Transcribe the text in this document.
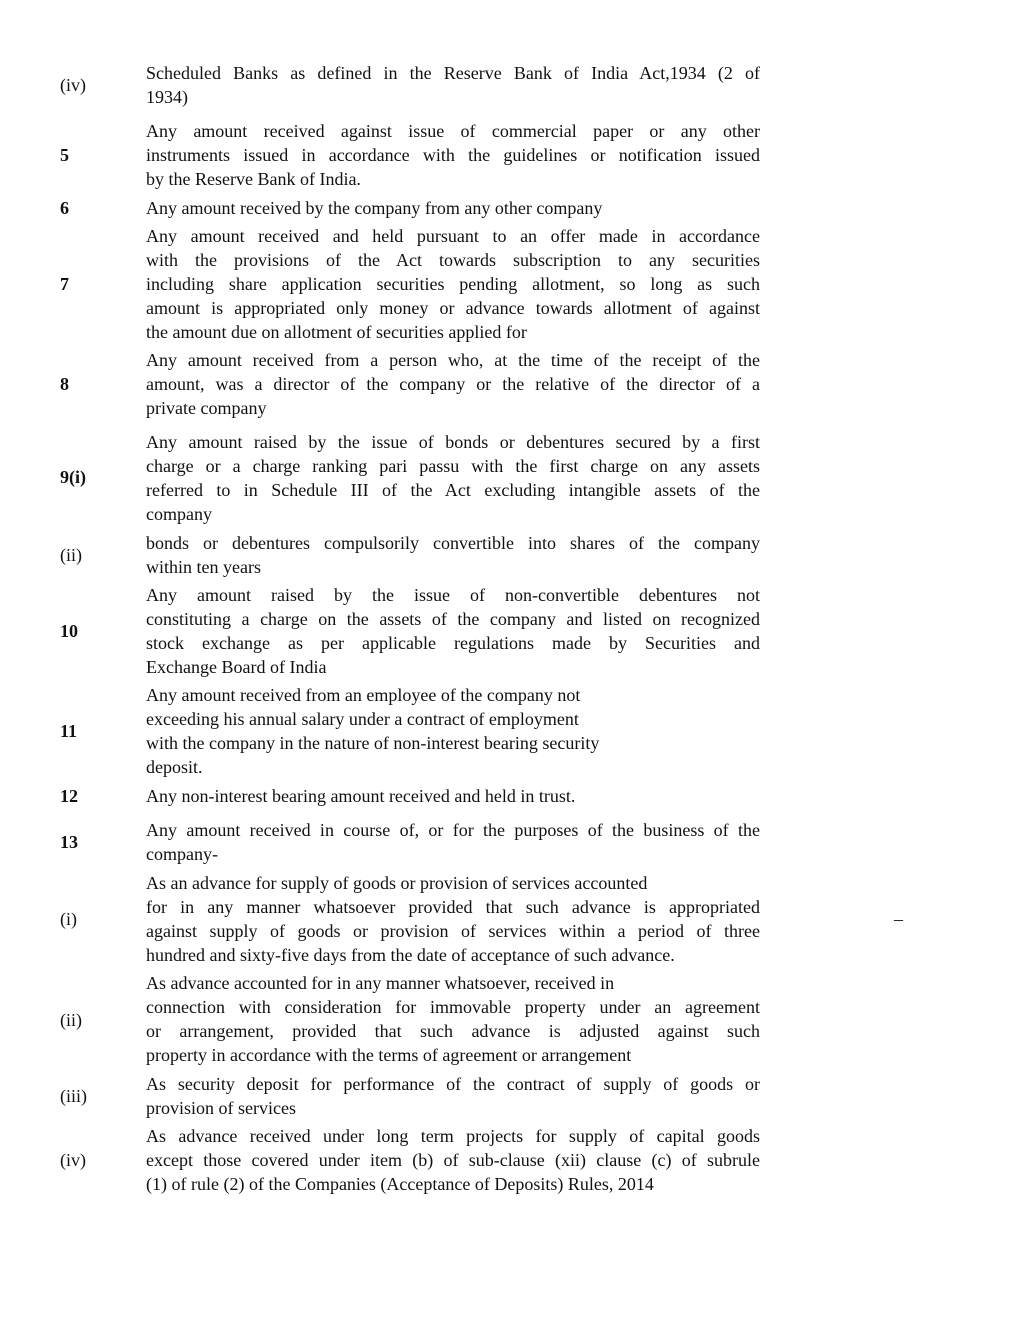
(iv)
Scheduled Banks as defined in the Reserve Bank of India Act,1934 (2 of
1934)
5
Any amount received against issue of commercial paper or any other
instruments issued in accordance with the guidelines or notification issued
by the Reserve Bank of India.
6	Any amount received by the company from any other company
7
Any amount received and held pursuant to an offer made in accordance
with the provisions of the Act towards subscription to any securities
including share application securities pending allotment, so long as such
amount is appropriated only money or advance towards allotment of against
the amount due on allotment of securities applied for
8
Any amount received from a person who, at the time of the receipt of the
amount, was a director of the company or the relative of the director of a
private company
9(i)
Any amount raised by the issue of bonds or debentures secured by a first
charge or a charge ranking pari passu with the first charge on any assets
referred to in Schedule III of the Act excluding intangible assets of the
company
(ii)
bonds or debentures compulsorily convertible into shares of the company
within ten years
10
Any amount raised by the issue of non-convertible debentures not
constituting a charge on the assets of the company and listed on recognized
stock exchange as per applicable regulations made by Securities and
Exchange Board of India
11
Any amount received from an employee of the company not
exceeding his annual salary under a contract of employment
with the company in the nature of non-interest bearing security
deposit.
12	Any non-interest bearing amount received and held in trust.
13
Any amount received in course of, or for the purposes of the business of the
company-
(i)
As an advance for supply of goods or provision of services accounted
for in any manner whatsoever provided that such advance is appropriated
against supply of goods or provision of services within a period of three
hundred and sixty-five days from the date of acceptance of such advance.
(ii)
As advance accounted for in any manner whatsoever, received in
connection with consideration for immovable property under an agreement
or arrangement, provided that such advance is adjusted against such
property in accordance with the terms of agreement or arrangement
(iii)
As security deposit for performance of the contract of supply of goods or
provision of services
(iv)
As advance received under long term projects for supply of capital goods
except those covered under item (b) of sub-clause (xii) clause (c) of subrule
(1) of rule (2) of the Companies (Acceptance of Deposits) Rules, 2014
–
